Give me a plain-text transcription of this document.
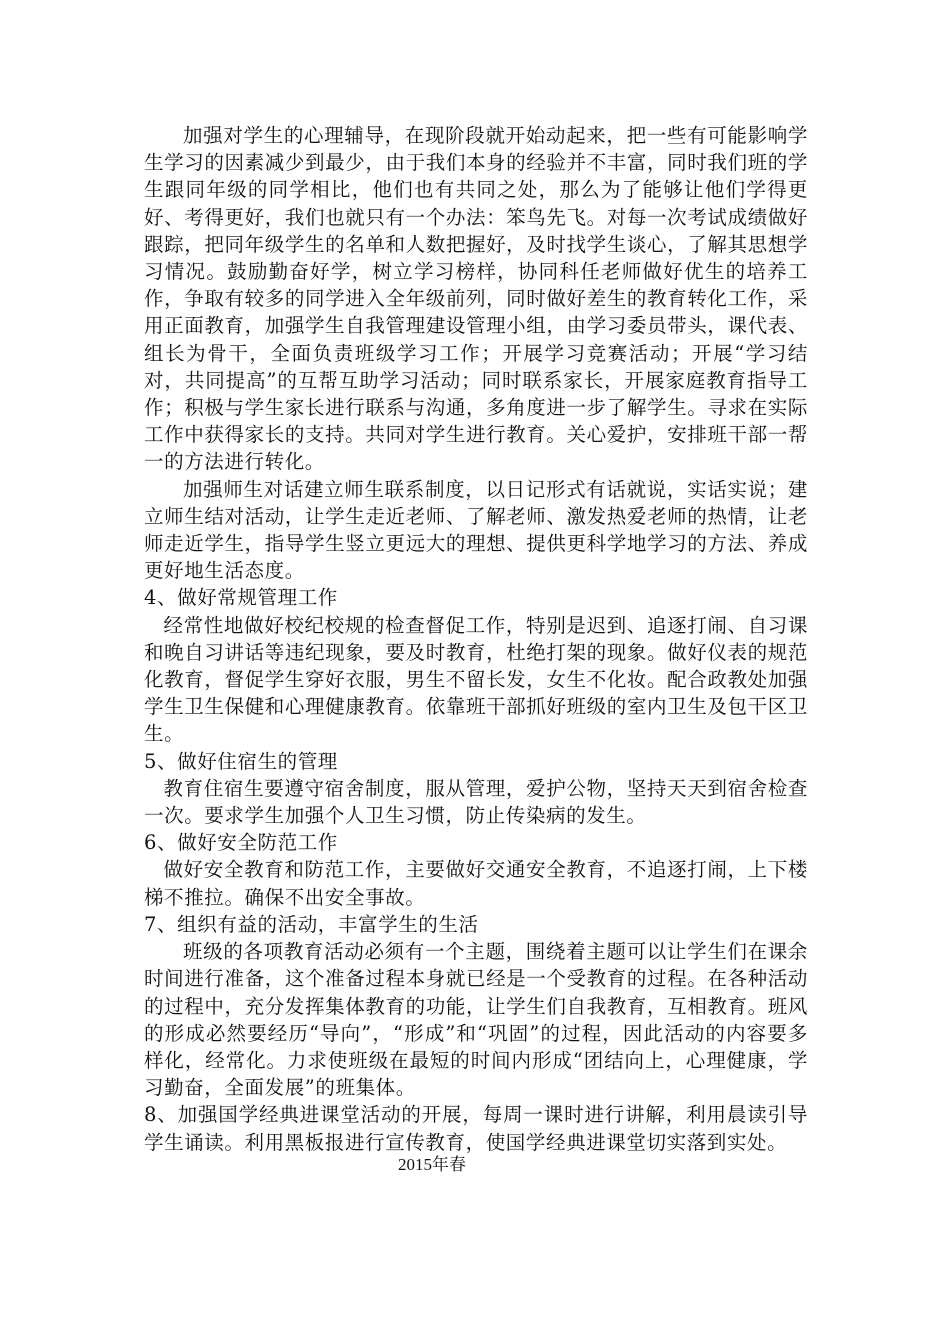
加强对学生的心理辅导，在现阶段就开始动起来，把一些有可能影响学生学习的因素减少到最少，由于我们本身的经验并不丰富，同时我们班的学生跟同年级的同学相比，他们也有共同之处，那么为了能够让他们学得更好、考得更好，我们也就只有一个办法：笨鸟先飞。对每一次考试成绩做好跟踪，把同年级学生的名单和人数把握好，及时找学生谈心，了解其思想学习情况。鼓励勤奋好学，树立学习榜样，协同科任老师做好优生的培养工作，争取有较多的同学进入全年级前列，同时做好差生的教育转化工作，采用正面教育，加强学生自我管理建设管理小组，由学习委员带头，课代表、组长为骨干，全面负责班级学习工作；开展学习竞赛活动；开展“学习结对，共同提高”的互帮互助学习活动；同时联系家长，开展家庭教育指导工作；积极与学生家长进行联系与沟通，多角度进一步了解学生。寻求在实际工作中获得家长的支持。共同对学生进行教育。关心爱护，安排班干部一帮一的方法进行转化。

加强师生对话建立师生联系制度，以日记形式有话就说，实话实说；建立师生结对活动，让学生走近老师、了解老师、激发热爱老师的热情，让老师走近学生，指导学生竖立更远大的理想、提供更科学地学习的方法、养成更好地生活态度。

4、做好常规管理工作

经常性地做好校纪校规的检查督促工作，特别是迟到、追逐打闹、自习课和晚自习讲话等违纪现象，要及时教育，杜绝打架的现象。做好仪表的规范化教育，督促学生穿好衣服，男生不留长发，女生不化妆。配合政教处加强学生卫生保健和心理健康教育。依靠班干部抓好班级的室内卫生及包干区卫生。

5、做好住宿生的管理

教育住宿生要遵守宿舍制度，服从管理，爱护公物，坚持天天到宿舍检查一次。要求学生加强个人卫生习惯，防止传染病的发生。

6、做好安全防范工作

做好安全教育和防范工作，主要做好交通安全教育，不追逐打闹，上下楼梯不推拉。确保不出安全事故。

7、组织有益的活动，丰富学生的生活

班级的各项教育活动必须有一个主题，围绕着主题可以让学生们在课余时间进行准备，这个准备过程本身就已经是一个受教育的过程。在各种活动的过程中，充分发挥集体教育的功能，让学生们自我教育，互相教育。班风的形成必然要经历“导向”，“形成”和“巩固”的过程，因此活动的内容要多样化，经常化。力求使班级在最短的时间内形成“团结向上，心理健康，学习勤奋，全面发展”的班集体。

8、加强国学经典进课堂活动的开展，每周一课时进行讲解，利用晨读引导学生诵读。利用黑板报进行宣传教育，使国学经典进课堂切实落到实处。

2015年春
